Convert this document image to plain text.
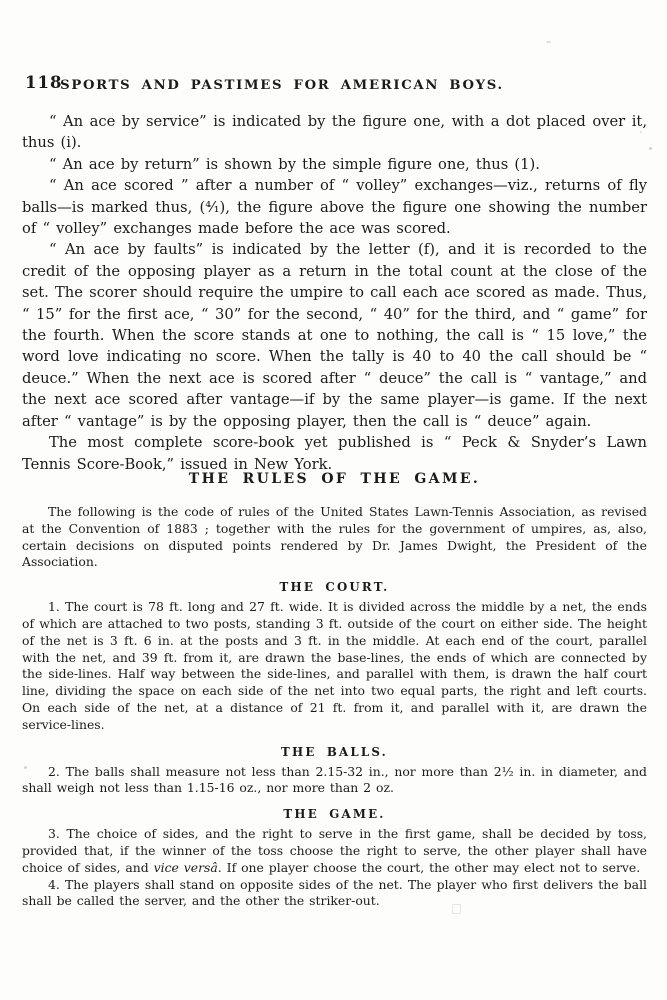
118
SPORTS AND PASTIMES FOR AMERICAN BOYS.

“ An ace by service” is indicated by the figure one, with a dot placed over it, thus (i).

“ An ace by return” is shown by the simple figure one, thus (1).

“ An ace scored ” after a number of “ volley” exchanges—viz., returns of fly balls—is marked thus, (⁴⁄₁), the figure above the figure one showing the number of “ volley” exchanges made before the ace was scored.

“ An ace by faults” is indicated by the letter (f), and it is recorded to the credit of the opposing player as a return in the total count at the close of the set. The scorer should require the umpire to call each ace scored as made. Thus, “ 15” for the first ace, “ 30” for the second, “ 40” for the third, and “ game” for the fourth. When the score stands at one to nothing, the call is “ 15 love,” the word love indicating no score. When the tally is 40 to 40 the call should be “ deuce.” When the next ace is scored after “ deuce” the call is “ vantage,” and the next ace scored after vantage—if by the same player—is game. If the next after “ vantage” is by the opposing player, then the call is “ deuce” again.

The most complete score-book yet published is “ Peck & Snyder’s Lawn Tennis Score-Book,” issued in New York.

THE RULES OF THE GAME.

The following is the code of rules of the United States Lawn-Tennis Association, as revised at the Convention of 1883 ; together with the rules for the government of umpires, as, also, certain decisions on disputed points rendered by Dr. James Dwight, the President of the Association.

THE COURT.

1. The court is 78 ft. long and 27 ft. wide. It is divided across the middle by a net, the ends of which are attached to two posts, standing 3 ft. outside of the court on either side. The height of the net is 3 ft. 6 in. at the posts and 3 ft. in the middle. At each end of the court, parallel with the net, and 39 ft. from it, are drawn the base-lines, the ends of which are connected by the side-lines. Half way between the side-lines, and parallel with them, is drawn the half court line, dividing the space on each side of the net into two equal parts, the right and left courts. On each side of the net, at a distance of 21 ft. from it, and parallel with it, are drawn the service-lines.

THE BALLS.

2. The balls shall measure not less than 2.15-32 in., nor more than 2½ in. in diameter, and shall weigh not less than 1.15-16 oz., nor more than 2 oz.

THE GAME.

3. The choice of sides, and the right to serve in the first game, shall be decided by toss, provided that, if the winner of the toss choose the right to serve, the other player shall have choice of sides, and vice versâ. If one player choose the court, the other may elect not to serve.

4. The players shall stand on opposite sides of the net. The player who first delivers the ball shall be called the server, and the other the striker-out.
